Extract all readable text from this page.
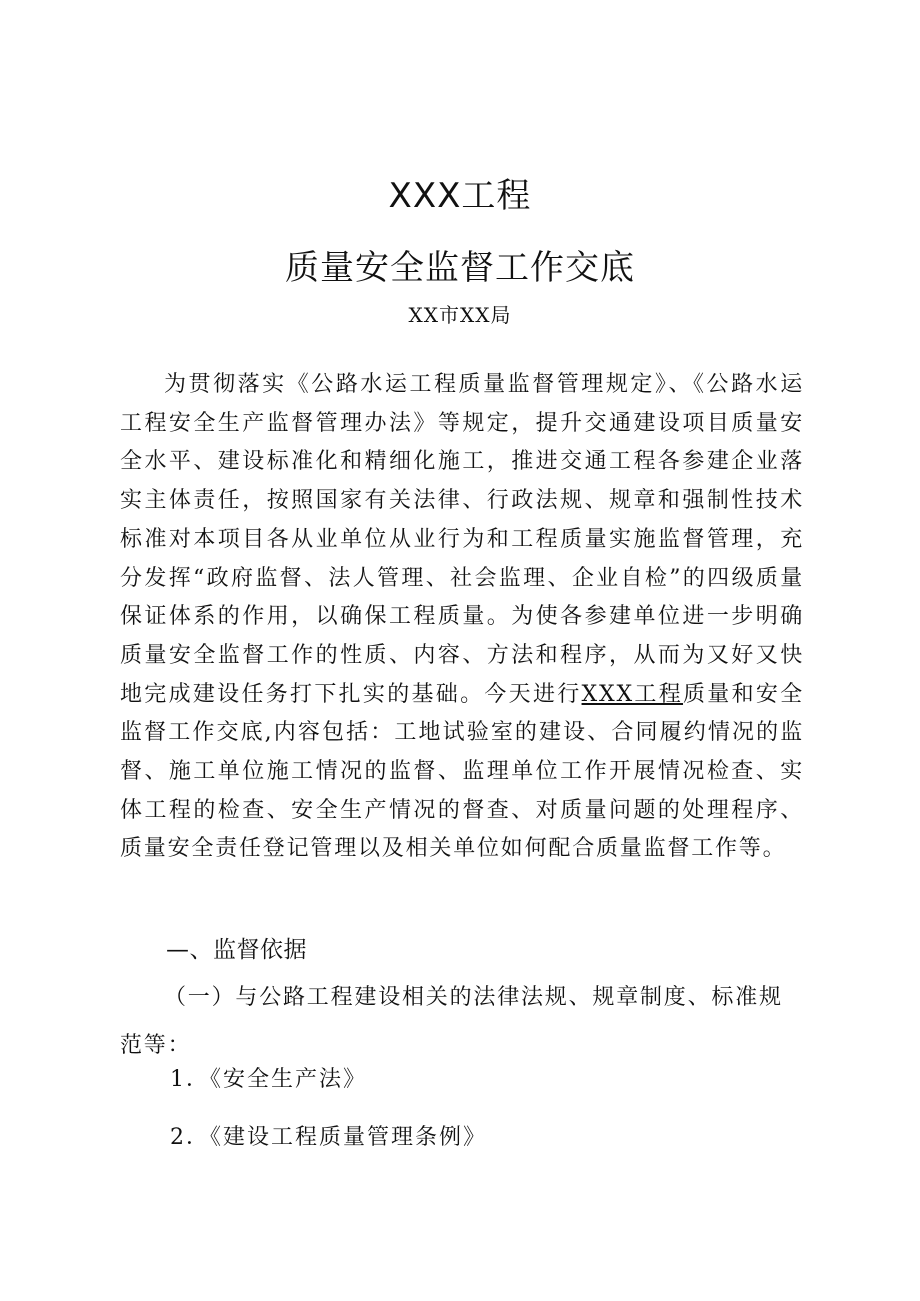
XXX工程
质量安全监督工作交底
XX市XX局

为贯彻落实《公路水运工程质量监督管理规定》、《公路水运工程安全生产监督管理办法》等规定，提升交通建设项目质量安全水平、建设标准化和精细化施工，推进交通工程各参建企业落实主体责任，按照国家有关法律、行政法规、规章和强制性技术标准对本项目各从业单位从业行为和工程质量实施监督管理，充分发挥“政府监督、法人管理、社会监理、企业自检”的四级质量保证体系的作用，以确保工程质量。为使各参建单位进一步明确质量安全监督工作的性质、内容、方法和程序，从而为又好又快地完成建设任务打下扎实的基础。今天进行XXX工程质量和安全监督工作交底,内容包括：工地试验室的建设、合同履约情况的监督、施工单位施工情况的监督、监理单位工作开展情况检查、实体工程的检查、安全生产情况的督查、对质量问题的处理程序、质量安全责任登记管理以及相关单位如何配合质量监督工作等。

—、监督依据

（一）与公路工程建设相关的法律法规、规章制度、标准规范等：

1．《安全生产法》
2．《建设工程质量管理条例》
